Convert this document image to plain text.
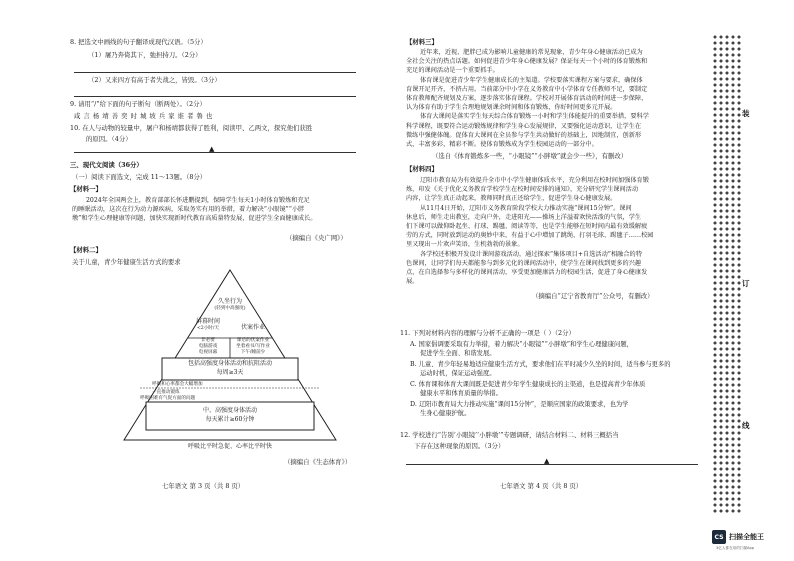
8. 把选文中画线的句子翻译成现代汉语。（5分）
（1）屠乃奔倚其下，弛担持刀。（2分）
（2）又来四方有高于者失战之，皆毁。（3分）
9. 请用“/”给下面的句子断句（断两处）。（2分）
咸 言 杨 靖 善 奕 时 城 坡 兵 家 谁 者 鲁 也
10. 在人与动物的较量中，屠户和杨靖都获得了胜利，阅读甲、乙两文，探究他们获胜
的原因。（4分）
▲
三、现代文阅读（36分）
（一）阅读下面选文，完成 11～13题。（8分）
【材料一】
2024年全国两会上，教育部部长怀进鹏提到，保障学生每天1小时体育锻炼和充足
的睡眠活动，这次在行为动力源疾病，采取务实有用的举措，着力解决“小眼镜”“小胖
墩”和学生心理健康等问题，加快实现新时代教育高质量特发展，促进学生全面健康成长。
（摘编自《央广网》）
【材料二】
关于儿童，青少年健康生活方式的要求
久坐行为
(轻到中高强度)
屏幕时间
<2小时/天
非必要
电脑游戏
电视屏幕
伏案作业
课后的伏案作业
坐着看书/写作业
下午/睡前少
包括高强度身体活动和抗阻活动
每周≥3天
呼吸和心率都会大幅增加
一直推动锻炼
呼吸困难有气促方面的问题
中、高强度身体活动
每天累计≥60分钟
呼吸比平时急促、心率比平时快
（摘编自《生态体育》）
七年语文 第 3 页（共 8 页）
【材料三】
近年来，近视、肥胖已成为影响儿童健康的常见现象，青少年身心健康活动已成为
全社会关注的热点话题。如何促进青少年身心健康发展？保证每天一个小时的体育锻炼和
充足的课间活动是一个重要抓手。
体育课是促进青少年学生健康成长的主渠道。学校要落实课程方案与要求，确保体
育课开足开齐，不挤占用。当前部分中小学在义务教育中小学体育专任教师不足，要制定
体育教师配齐规划及方案，逐步落实体育课程。学校对开展体育活动的时间进一步保障，
认为体育有助于学生合理地规划课余时间和体育锻炼，你好时间更多元开展。
体育大课间是落实学生每天综合体育锻炼一小时和学生体能提升的重要举措，要科学
科学课程，既要符合运动锻炼规律和学生身心发展规律，又要强化运动意识，让学生在
微练中强健体魄。促体育大课间在全员参与学生共动做好的基础上，因地制宜，创新形
式，丰富多彩，精彩不断。使体育锻炼成为学生校园运动的一部分中。
（选自《体育锻炼多一些，“小眼镜”“小胖墩”就会少一些》，有删改）
【材料四】
辽阳市教育局为有效提升全市中小学生健康体质水平，充分利用在校时间加强体育锻
炼，印发《关于优化义务教育学校学生在校时间安排的通知》，充分研究学生课间活动
内容，让学生真正动起来，教师同时真正还给学生，促进学生身心健康发展。
从11月4日开始，辽阳市义务教育阶段学校大力推动实施“课间15分钟”。课间
休息后，师生走出教室，走向户外，走进阳光——操场上洋溢着欢快活泼的气氛，学生
们下课可以做仰卧起坐、打球、踢毽、阅读等等，也是学生能够在短时间内最有效缓解疲
劳的方式，同时放到运动的奥妙中来，有益于心中增加了跳绳、打羽毛球、踢毽子……校园
里又现出一片欢声笑语，生机勃勃的景象。
各学校还积极开发设计课间游戏活动，通过探索“集体项目+自选活动”相融合的特
色课间，让同学们每天都能参与到多元化的课间活动中，使学生在课间找到更多的兴趣
点，在自选择参与多样化的课间活动，享受更加健康活力的校园生活，促进了身心健康发
展。
（摘编自“辽宁省教育厅”公众号，有删改）
11. 下列对材料内容的理解与分析不正确的一项是（ ）（2分）
A. 国家倡调要采取有力举措，着力解决“小眼镜”“小胖墩”和学生心理健康问题，
促进学生全面、和谐发展。
B. 儿童、青少年轻易地适应健康生活方式，要求他们在平时减少久坐的时间，适当参与更多的
运动时机，保证运动强度。
C. 体育课和体育大课间既是促进青少年学生健康成长的主渠道，也是提高青少年体质
健康水平和体育质量的举措。
D. 辽阳市教育局大力推动实施“课间15分钟”，是顺应国家的政策要求，也为学
生身心健康护航。
12. 学校进行“告别‘小眼镜’‘小胖墩’”专题调研，请结合材料二、材料三概括当
下存在这种现象的原因。（3分）
▲
七年语文 第 4 页（共 8 页）
装
订
线
CS 扫描全能王
3亿人都在用的扫描App
